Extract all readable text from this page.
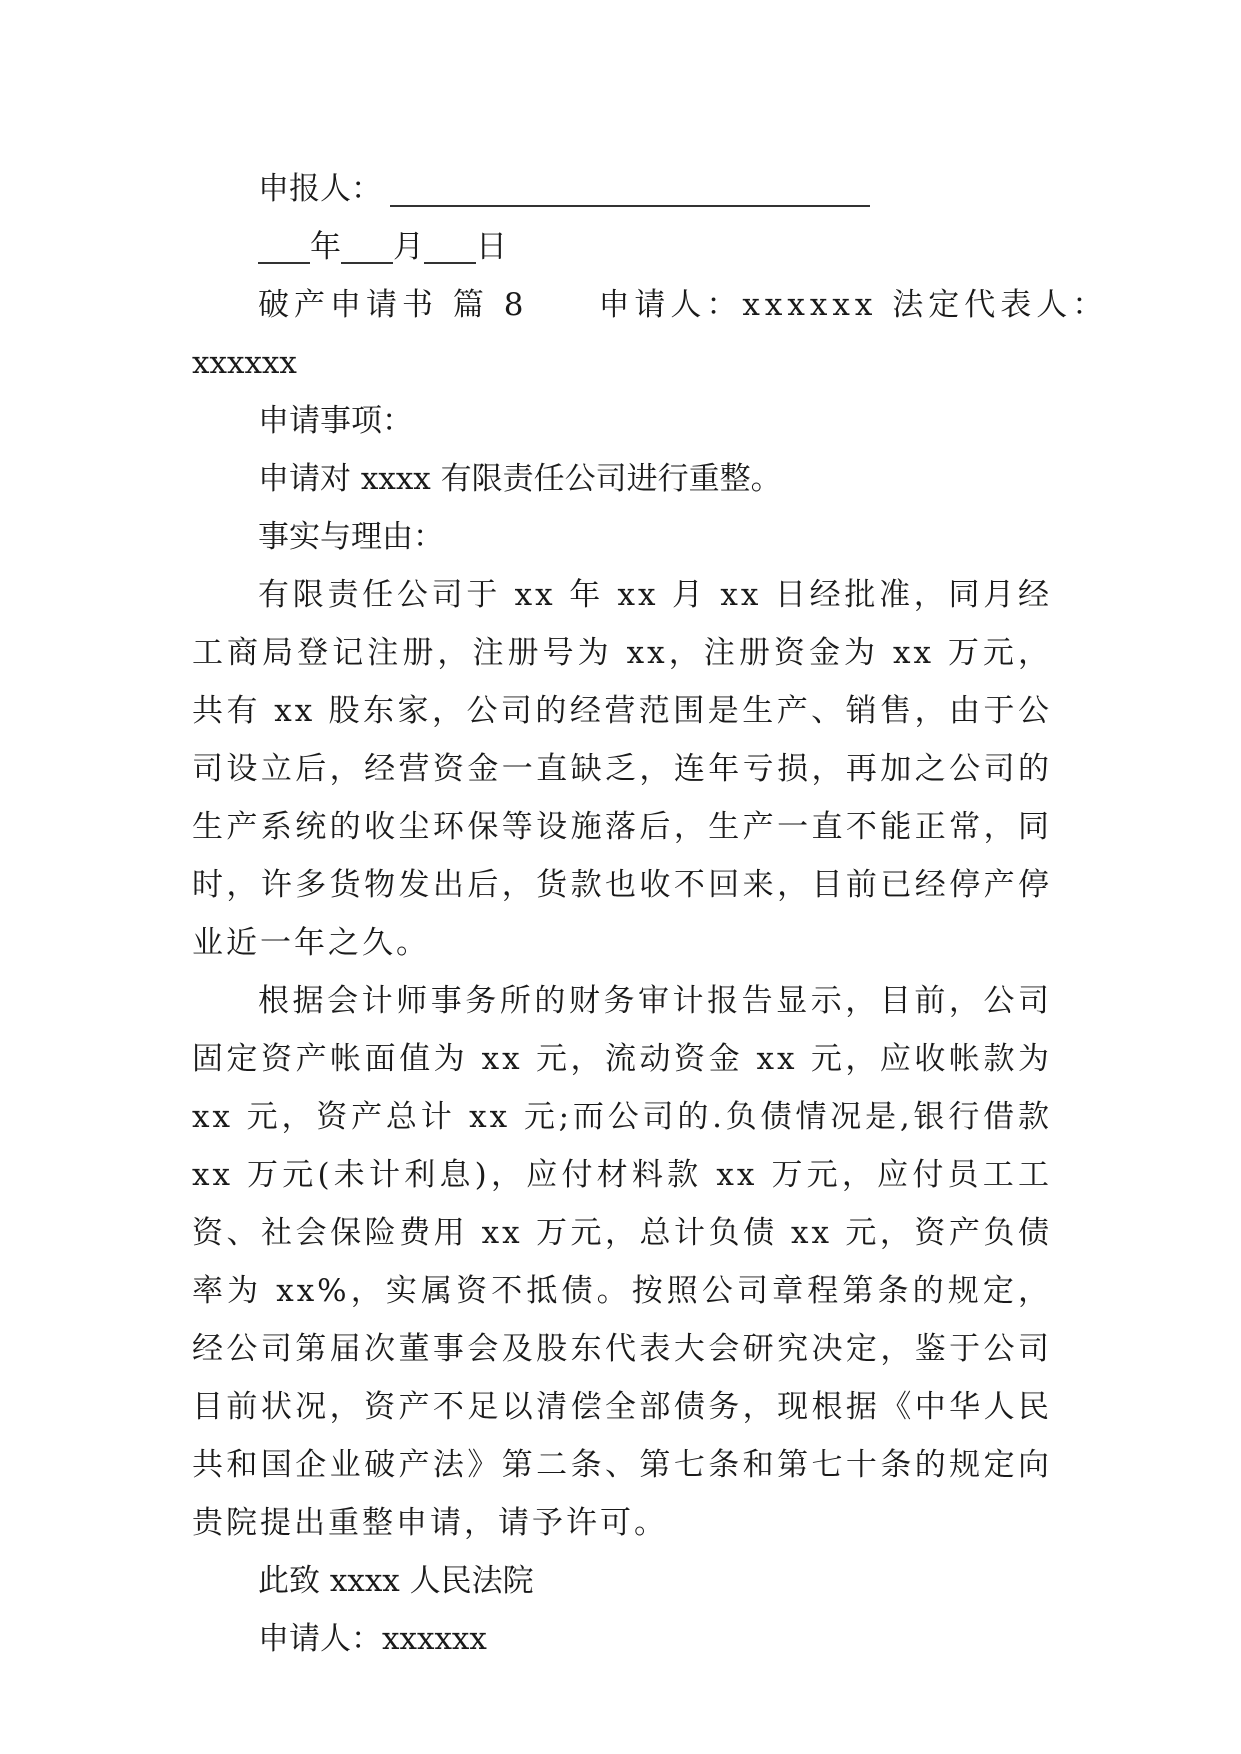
申报人：

年 月 日

破产申请书 篇 8 申请人：xxxxxx 法定代表人：

xxxxxx

申请事项：

申请对 xxxx 有限责任公司进行重整。

事实与理由：

有限责任公司于 xx 年 xx 月 xx 日经批准，同月经工商局登记注册，注册号为 xx，注册资金为 xx 万元，共有 xx 股东家，公司的经营范围是生产、销售，由于公司设立后，经营资金一直缺乏，连年亏损，再加之公司的生产系统的收尘环保等设施落后，生产一直不能正常，同时，许多货物发出后，货款也收不回来，目前已经停产停业近一年之久。

根据会计师事务所的财务审计报告显示，目前，公司固定资产帐面值为 xx 元，流动资金 xx 元，应收帐款为 xx 元，资产总计 xx 元;而公司的.负债情况是,银行借款 xx 万元(未计利息)，应付材料款 xx 万元，应付员工工资、社会保险费用 xx 万元，总计负债 xx 元，资产负债率为 xx%，实属资不抵债。按照公司章程第条的规定，经公司第届次董事会及股东代表大会研究决定，鉴于公司目前状况，资产不足以清偿全部债务，现根据《中华人民共和国企业破产法》第二条、第七条和第七十条的规定向贵院提出重整申请，请予许可。

此致 xxxx 人民法院

申请人：xxxxxx
